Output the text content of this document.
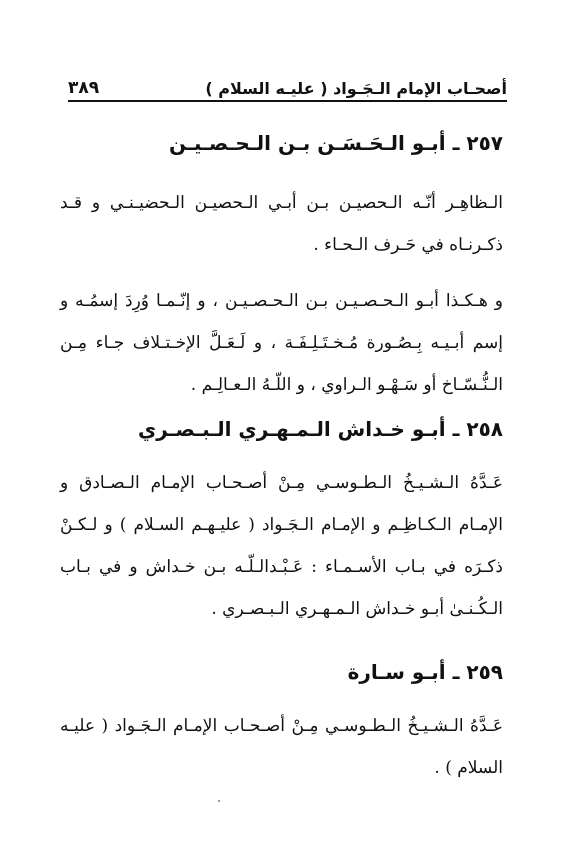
أصحـاب الإمام الـجَـواد ( عليـه السلام )
٣٨٩
٢٥٧ ـ أبـو الـحَـسَـن بـن الـحـصـيـن

الـظاهِـر أنّـه الـحصيـن بـن أبـي الـحصيـن الـحضيـنـي و قـد ذكـرنـاه في حَـرف الـحـاء .

و هـكـذا أبـو الـحـصـيـن بـن الـحـصـيـن ، و إنّـمـا وُرِدَ إسمُـه و إسم أبـيـه بِـصُـورة مُـخـتَـلِـفَـة ، و لَـعَـلَّ الإخـتـلاف جـاء مِـن الـنُّـسّـاخ أو سَـهْـو الـراوي ، و اللّـهُ الـعـالِـم .

٢٥٨ ـ أبـو خـداش الـمـهـري الـبـصـري

عَـدَّهُ الـشـيـخُ الـطـوسـي مِـنْ أصـحـاب الإمـام الـصـادق و الإمـام الـكـاظِـم و الإمـام الـجَـواد ( عليـهـم السـلام ) و لـكـنْ ذكـرَه في بـاب الأسـمـاء : عَـبْـدالـلّـه بـن خـداش و في بـاب الـكُـنـىٰ أبـو خـداش الـمـهـري الـبـصـري .

٢٥٩ ـ أبـو سـارة

عَـدَّهُ الـشـيـخُ الـطـوسـي مِـنْ أصـحـاب الإمـام الـجَـواد ( عليـه السلام ) .
